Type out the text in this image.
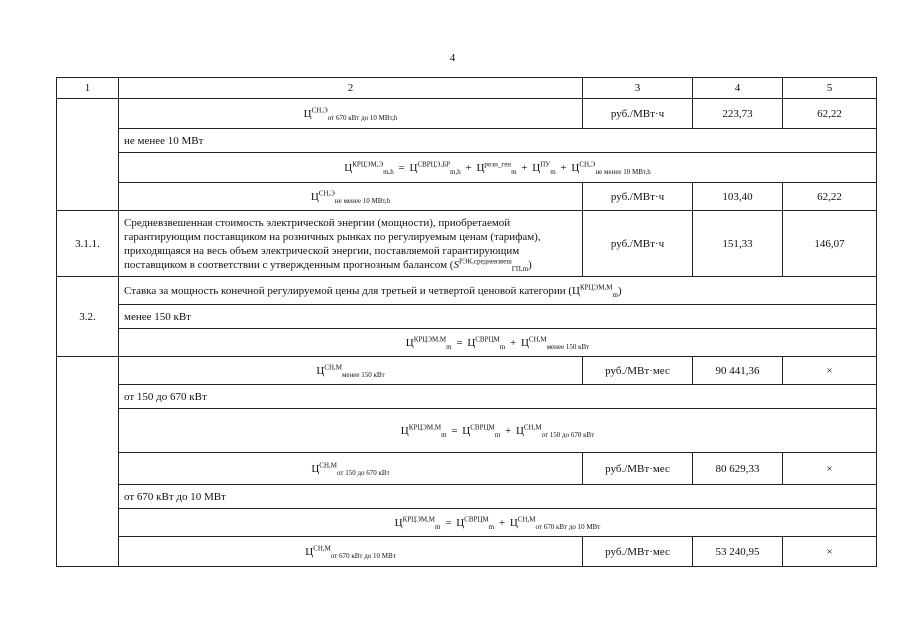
4
1	2	3	4	5
	$Ц^{СН,Э}_{от 670 кВт до 10 МВт,h}$	руб./МВт·ч	223,73	62,22
	не менее 10 МВт			
	$Ц^{КРЦЭМ,Э}_{m,h} = Ц^{СВРЦЭ,БР}_{m,h} + Ц^{розн\_ген}_m + Ц^{ПУ}_m + Ц^{СН,Э}_{не менее 10 МВт,h}$
	$Ц^{СН,Э}_{не менее 10 МВт,h}$	руб./МВт·ч	103,40	62,22
3.1.1.	Средневзвешенная стоимость электрической энергии (мощности), приобретаемой
гарантирующим поставщиком на розничных рынках по регулируемым ценам (тарифам),
приходящаяся на весь объем электрической энергии, поставляемой гарантирующим
поставщиком в соответствии с утвержденным прогнозным балансом $(S^{РЭК,средневзвеш}_{ГП,m})$	руб./МВт·ч	151,33	146,07
3.2.	Ставка за мощность конечной регулируемой цены для третьей и четвертой ценовой категории $(Ц^{КРЦЭМ,М}_m)$			
	менее 150 кВт			
	$Ц^{КРЦЭМ,М}_m = Ц^{СВРЦМ}_m + Ц^{СН,М}_{менее 150 кВт}$
	$Ц^{СН,М}_{менее 150 кВт}$	руб./МВт·мес	90 441,36	×
	от 150 до 670 кВт			
	$Ц^{КРЦЭМ,М}_m = Ц^{СВРЦМ}_m + Ц^{СН,М}_{от 150 до 670 кВт}$
	$Ц^{СН,М}_{от 150 до 670 кВт}$	руб./МВт·мес	80 629,33	×
	от 670 кВт до 10 МВт			
	$Ц^{КРЦЭМ,М}_m = Ц^{СВРЦМ}_m + Ц^{СН,М}_{от 670 кВт до 10 МВт}$
	$Ц^{СН,М}_{от 670 кВт до 10 МВт}$	руб./МВт·мес	53 240,95	×
